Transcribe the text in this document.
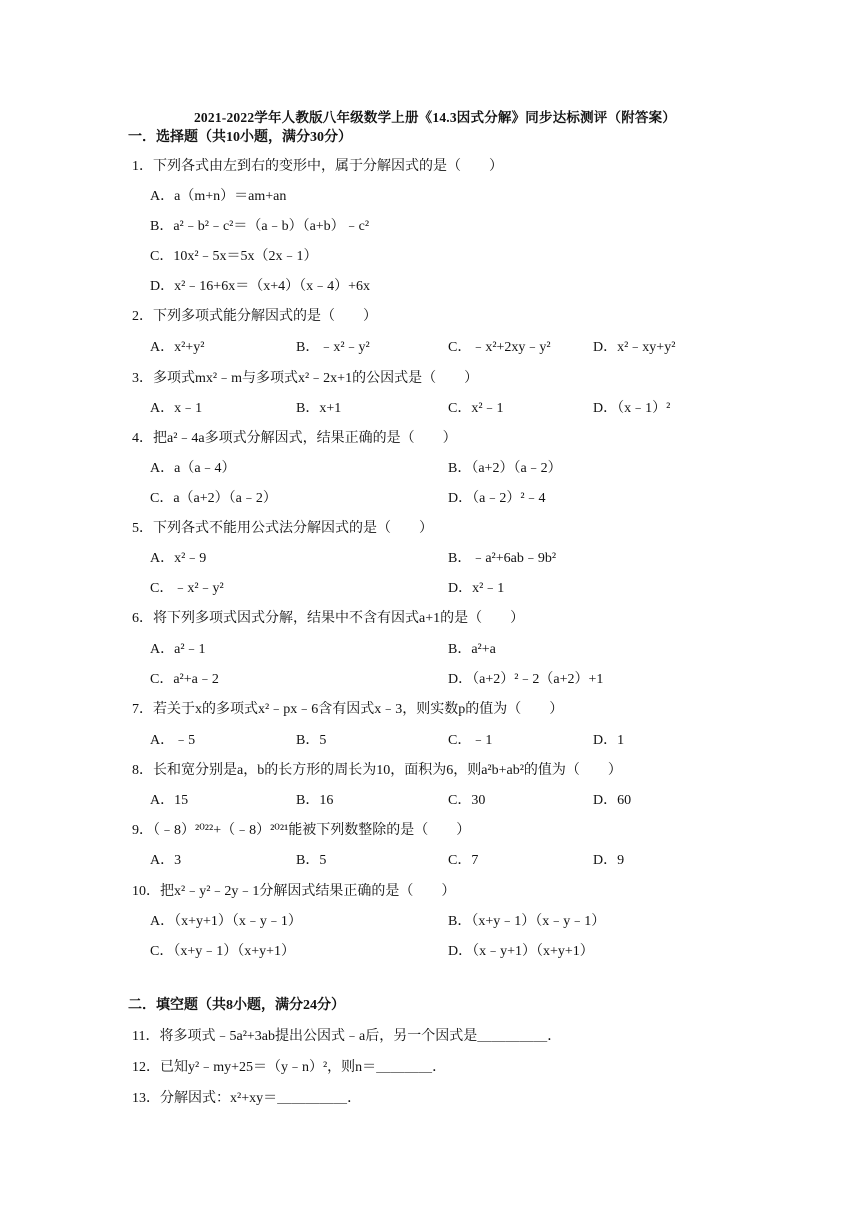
2021-2022学年人教版八年级数学上册《14.3因式分解》同步达标测评（附答案）
一．选择题（共10小题，满分30分）
1．下列各式由左到右的变形中，属于分解因式的是（　　）
A．a（m+n）＝am+an
B．a²﹣b²﹣c²＝（a﹣b）（a+b）﹣c²
C．10x²﹣5x＝5x（2x﹣1）
D．x²﹣16+6x＝（x+4）（x﹣4）+6x
2．下列多项式能分解因式的是（　　）
A．x²+y²	B．﹣x²﹣y²	C．﹣x²+2xy﹣y²	D．x²﹣xy+y²
3．多项式mx²﹣m与多项式x²﹣2x+1的公因式是（　　）
A．x﹣1	B．x+1	C．x²﹣1	D．（x﹣1）²
4．把a²﹣4a多项式分解因式，结果正确的是（　　）
A．a（a﹣4）	B．（a+2）（a﹣2）
C．a（a+2）（a﹣2）	D．（a﹣2）²﹣4
5．下列各式不能用公式法分解因式的是（　　）
A．x²﹣9	B．﹣a²+6ab﹣9b²
C．﹣x²﹣y²	D．x²﹣1
6．将下列多项式因式分解，结果中不含有因式a+1的是（　　）
A．a²﹣1	B．a²+a
C．a²+a﹣2	D．（a+2）²﹣2（a+2）+1
7．若关于x的多项式x²﹣px﹣6含有因式x﹣3，则实数p的值为（　　）
A．﹣5	B．5	C．﹣1	D．1
8．长和宽分别是a，b的长方形的周长为10，面积为6，则a²b+ab²的值为（　　）
A．15	B．16	C．30	D．60
9．（﹣8）²⁰²²+（﹣8）²⁰²¹能被下列数整除的是（　　）
A．3	B．5	C．7	D．9
10．把x²﹣y²﹣2y﹣1分解因式结果正确的是（　　）
A．（x+y+1）（x﹣y﹣1）	B．（x+y﹣1）（x﹣y﹣1）
C．（x+y﹣1）（x+y+1）	D．（x﹣y+1）（x+y+1）
二．填空题（共8小题，满分24分）
11．将多项式﹣5a²+3ab提出公因式﹣a后，另一个因式是＿＿＿＿＿．
12．已知y²﹣my+25＝（y﹣n）²，则n＝＿＿＿＿．
13．分解因式：x²+xy＝＿＿＿＿＿．
